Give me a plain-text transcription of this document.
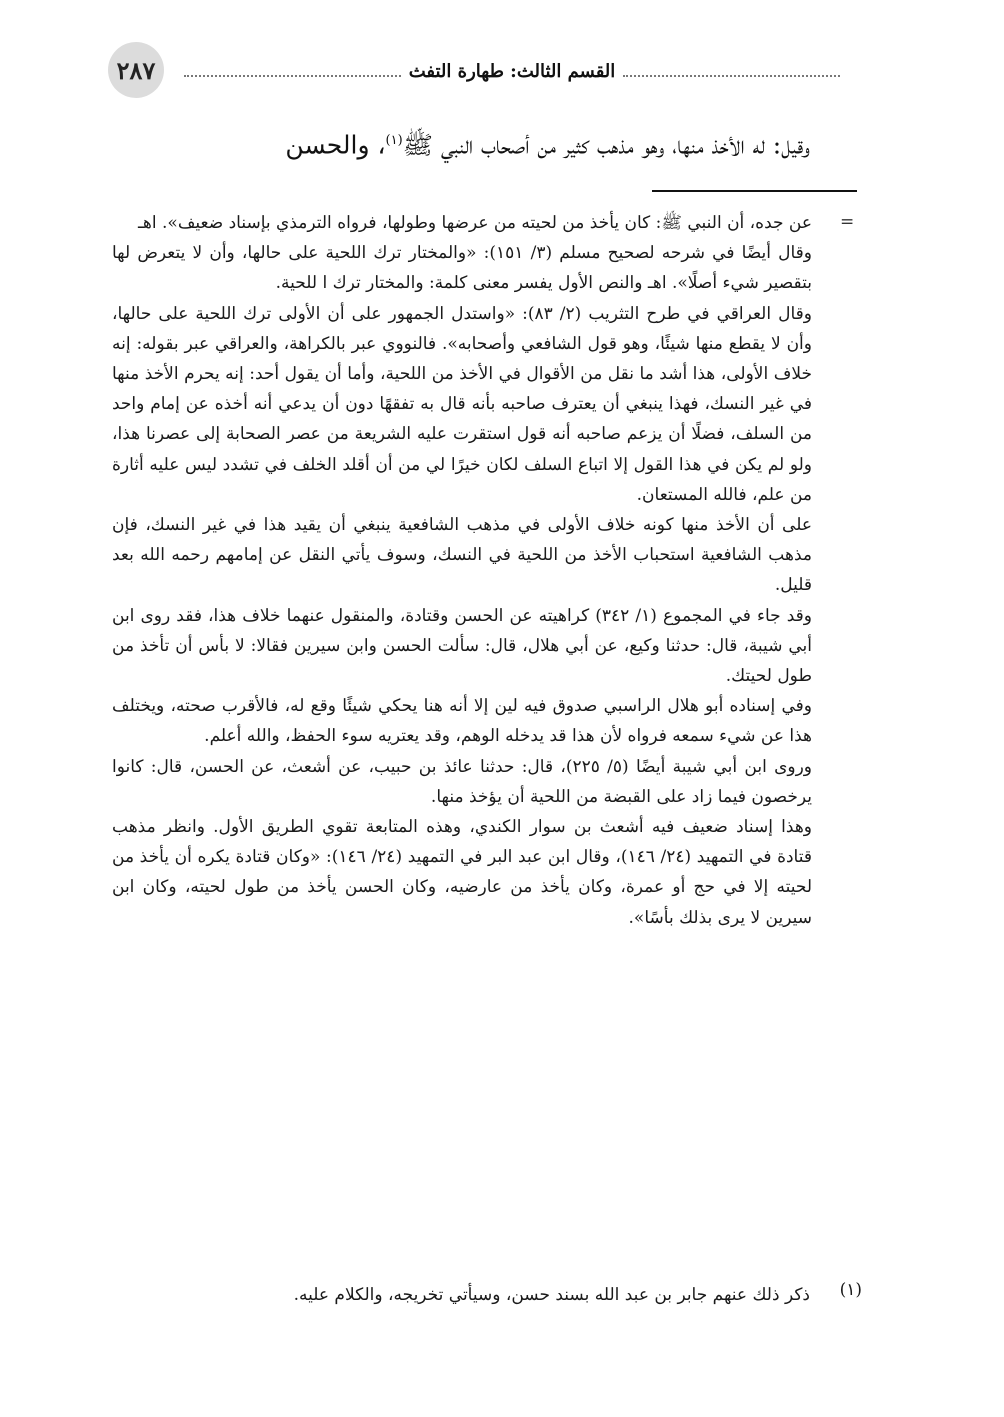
٢٨٧	القسم الثالث: طهارة التفث
وقيل: له الأخذ منها، وهو مذهب كثير من أصحاب النبي ﷺ$^{(١)}$، والحسن
=

عن جده، أن النبي ﷺ: كان يأخذ من لحيته من عرضها وطولها، فرواه الترمذي بإسناد ضعيف». اهـ

وقال أيضًا في شرحه لصحيح مسلم (٣/ ١٥١): «والمختار ترك اللحية على حالها، وأن لا يتعرض لها بتقصير شيء أصلًا». اهـ والنص الأول يفسر معنى كلمة: والمختار ترك ا للحية.

وقال العراقي في طرح التثريب (٢/ ٨٣): «واستدل الجمهور على أن الأولى ترك اللحية على حالها، وأن لا يقطع منها شيئًا، وهو قول الشافعي وأصحابه». فالنووي عبر بالكراهة، والعراقي عبر بقوله: إنه خلاف الأولى، هذا أشد ما نقل من الأقوال في الأخذ من اللحية، وأما أن يقول أحد: إنه يحرم الأخذ منها في غير النسك، فهذا ينبغي أن يعترف صاحبه بأنه قال به تفقهًا دون أن يدعي أنه أخذه عن إمام واحد من السلف، فضلًا أن يزعم صاحبه أنه قول استقرت عليه الشريعة من عصر الصحابة إلى عصرنا هذا، ولو لم يكن في هذا القول إلا اتباع السلف لكان خيرًا لي من أن أقلد الخلف في تشدد ليس عليه أثارة من علم، فالله المستعان.

على أن الأخذ منها كونه خلاف الأولى في مذهب الشافعية ينبغي أن يقيد هذا في غير النسك، فإن مذهب الشافعية استحباب الأخذ من اللحية في النسك، وسوف يأتي النقل عن إمامهم رحمه الله بعد قليل.

وقد جاء في المجموع (١/ ٣٤٢) كراهيته عن الحسن وقتادة، والمنقول عنهما خلاف هذا، فقد روى ابن أبي شيبة، قال: حدثنا وكيع، عن أبي هلال، قال: سألت الحسن وابن سيرين فقالا: لا بأس أن تأخذ من طول لحيتك.

وفي إسناده أبو هلال الراسبي صدوق فيه لين إلا أنه هنا يحكي شيئًا وقع له، فالأقرب صحته، ويختلف هذا عن شيء سمعه فرواه لأن هذا قد يدخله الوهم، وقد يعتريه سوء الحفظ، والله أعلم.

وروى ابن أبي شيبة أيضًا (٥/ ٢٢٥)، قال: حدثنا عائذ بن حبيب، عن أشعث، عن الحسن، قال: كانوا يرخصون فيما زاد على القبضة من اللحية أن يؤخذ منها.

وهذا إسناد ضعيف فيه أشعث بن سوار الكندي، وهذه المتابعة تقوي الطريق الأول. وانظر مذهب قتادة في التمهيد (٢٤/ ١٤٦)، وقال ابن عبد البر في التمهيد (٢٤/ ١٤٦): «وكان قتادة يكره أن يأخذ من لحيته إلا في حج أو عمرة، وكان يأخذ من عارضيه، وكان الحسن يأخذ من طول لحيته، وكان ابن سيرين لا يرى بذلك بأسًا».

(١)
ذكر ذلك عنهم جابر بن عبد الله بسند حسن، وسيأتي تخريجه، والكلام عليه.
